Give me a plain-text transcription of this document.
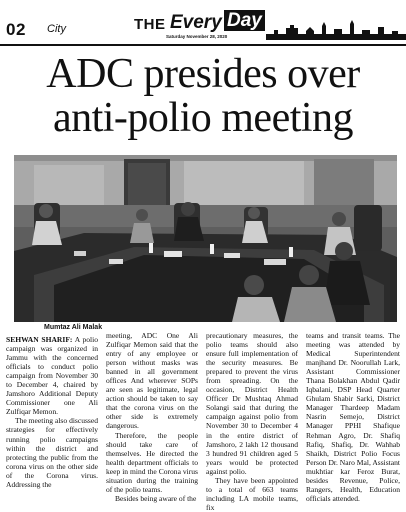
02 City	THE Every Day
Saturday November 28, 2020
ADC presides over
anti-polio meeting
Mumtaz Ali Malak

SEHWAN SHARIF: A polio campaign was organized in Jammu with the concerned officials to conduct polio campaign from November 30 to December 4, chaired by Jamshoro Additional Deputy Commissioner one Ali Zulfiqar Memon.

The meeting also discussed strategies for effectively running polio campaigns within the district and protecting the public from the corona virus on the other side of the Corona virus. Addressing the

meeting, ADC One Ali Zulfiqar Memon said that the entry of any employee or person without masks was banned in all government offices And wherever SOPs are seen as legitimate, legal action should be taken to say that the corona virus on the other side is extremely dangerous.

Therefore, the people should take care of themselves. He directed the health department officials to keep in mind the Corona virus situation during the training of the polio teams.

Besides being aware of the

precautionary measures, the polio teams should also ensure full implementation of the security measures. Be prepared to prevent the virus from spreading. On the occasion, District Health Officer Dr Mushtaq Ahmad Solangi said that during the campaign against polio from November 30 to December 4 in the entire district of Jamshoro, 2 lakh 12 thousand 3 hundred 91 children aged 5 years would be protected against polio.

They have been appointed to a total of 663 teams including LA mobile teams, fix

teams and transit teams. The meeting was attended by Medical Superintendent manjhand Dr. Noorullah Lark, Assistant Commissioner Thana Bolakhan Abdul Qadir Iqbalani, DSP Head Quarter Ghulam Shabir Sarki, District Manager Thardeep Madam Nasrin Semejo, District Manager PPHI Shafique Rehman Agro, Dr. Shafiq Rafiq, Shafiq, Dr. Wahhab Shaikh, District Polio Focus Person Dr. Naro Mal, Assistant mukhtiar kar Feroz Burat, besides Revenue, Police, Rangers, Health, Education officials attended.
